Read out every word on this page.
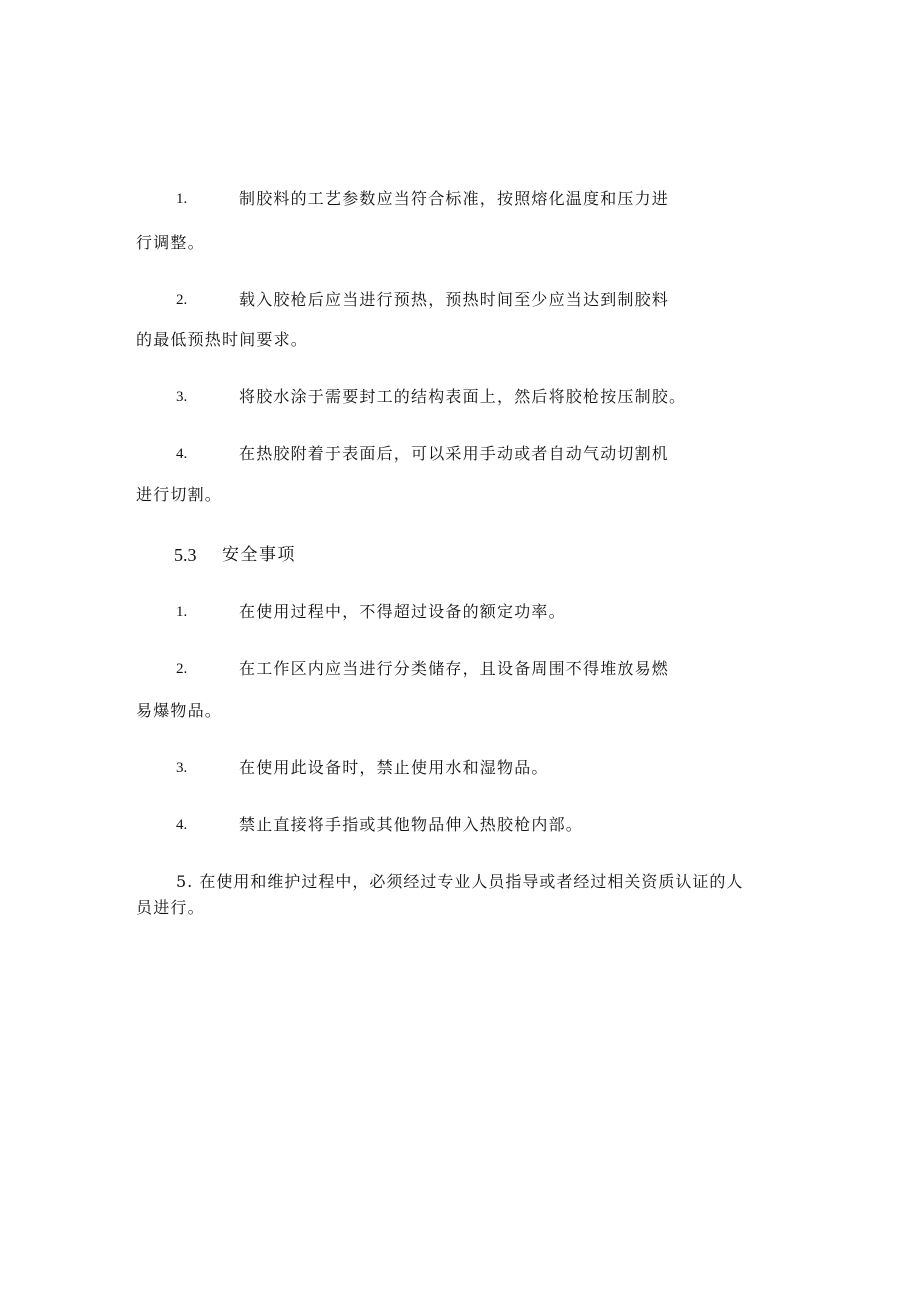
1.	制胶料的工艺参数应当符合标准，按照熔化温度和压力进
行调整。
2.	载入胶枪后应当进行预热，预热时间至少应当达到制胶料
的最低预热时间要求。
3.	将胶水涂于需要封工的结构表面上，然后将胶枪按压制胶。
4.	在热胶附着于表面后，可以采用手动或者自动气动切割机
进行切割。
5.3 安全事项
1.	在使用过程中，不得超过设备的额定功率。
2.	在工作区内应当进行分类储存，且设备周围不得堆放易燃
易爆物品。
3.	在使用此设备时，禁止使用水和湿物品。
4.	禁止直接将手指或其他物品伸入热胶枪内部。
5. 在使用和维护过程中，必须经过专业人员指导或者经过相关资质认证的人
员进行。
